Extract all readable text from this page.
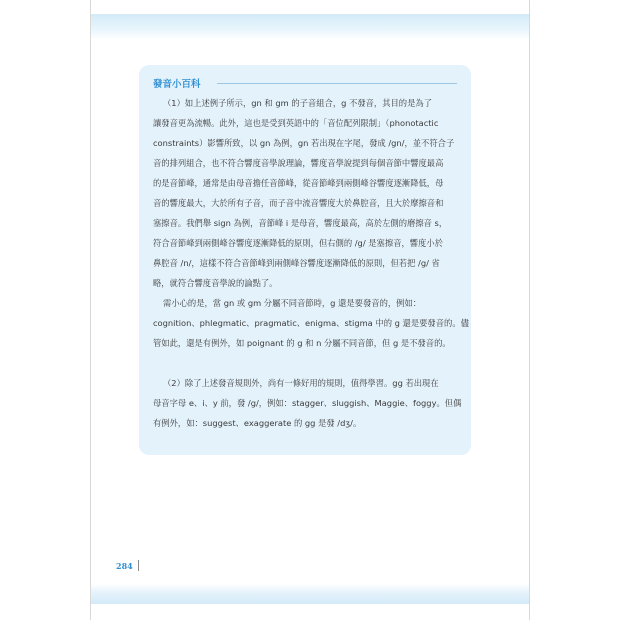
發音小百科
（1）如上述例子所示，gn 和 gm 的子音組合，g 不發音，其目的是為了
讓發音更為流暢。此外，這也是受到英語中的「音位配列限制」（phonotactic
constraints）影響所致，以 gn 為例，gn 若出現在字尾，發成 /gn/，並不符合子
音的排列組合，也不符合響度音學說理論，響度音學說提到每個音節中響度最高
的是音節峰，通常是由母音擔任音節峰，從音節峰到兩側峰谷響度逐漸降低，母
音的響度最大，大於所有子音，而子音中流音響度大於鼻腔音，且大於摩擦音和
塞擦音。我們舉 sign 為例，音節峰 i 是母音，響度最高，高於左側的磨擦音 s，
符合音節峰到兩側峰谷響度逐漸降低的原則，但右側的 /g/ 是塞擦音，響度小於
鼻腔音 /n/，這樣不符合音節峰到兩側峰谷響度逐漸降低的原則，但若把 /g/ 省
略，就符合響度音學說的論點了。
需小心的是，當 gn 或 gm 分屬不同音節時，g 還是要發音的，例如：
cognition、phlegmatic、pragmatic、enigma、stigma 中的 g 還是要發音的。儘
管如此，還是有例外，如 poignant 的 g 和 n 分屬不同音節，但 g 是不發音的。
（2）除了上述發音規則外，尚有一條好用的規則，值得學習。gg 若出現在
母音字母 e、i、y 前，發 /g/，例如：stagger、sluggish、Maggie、foggy。但偶
有例外，如：suggest、exaggerate 的 gg 是發 /dʒ/。
284
